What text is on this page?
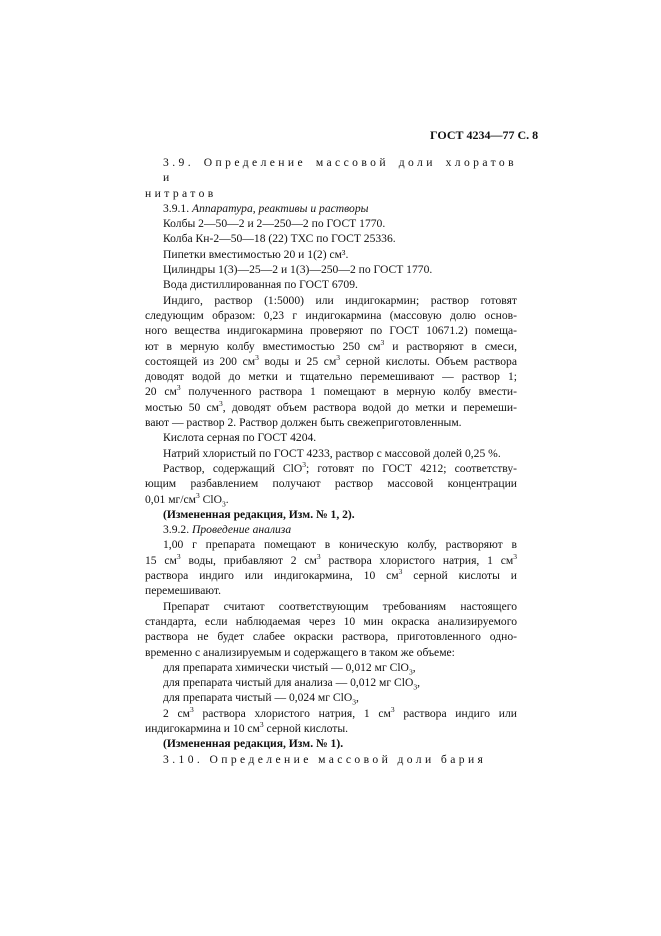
ГОСТ 4234—77 С. 8
3.9. Определение массовой доли хлоратов и
нитратов
3.9.1. Аппаратура, реактивы и растворы
Колбы 2—50—2 и 2—250—2 по ГОСТ 1770.
Колба Кн-2—50—18 (22) ТХС по ГОСТ 25336.
Пипетки вместимостью 20 и 1(2) см³.
Цилиндры 1(3)—25—2 и 1(3)—250—2 по ГОСТ 1770.
Вода дистиллированная по ГОСТ 6709.
Индиго, раствор (1:5000) или индигокармин; раствор готовят
следующим образом: 0,23 г индигокармина (массовую долю основ-
ного вещества индигокармина проверяют по ГОСТ 10671.2) помеща-
ют в мерную колбу вместимостью 250 $см^3$ и растворяют в смеси,
состоящей из 200 $см^3$ воды и 25 $см^3$ серной кислоты. Объем раствора
доводят водой до метки и тщательно перемешивают — раствор 1;
20 $см^3$ полученного раствора 1 помещают в мерную колбу вмести-
мостью 50 $см^3$, доводят объем раствора водой до метки и перемеши-
вают — раствор 2. Раствор должен быть свежеприготовленным.
Кислота серная по ГОСТ 4204.
Натрий хлористый по ГОСТ 4233, раствор с массовой долей 0,25 %.
Раствор, содержащий ClO$^3$; готовят по ГОСТ 4212; соответству-
ющим разбавлением получают раствор массовой концентрации
0,01 $мг/см^3$ ClO$_3$.
(Измененная редакция, Изм. № 1, 2).
3.9.2. Проведение анализа
1,00 г препарата помещают в коническую колбу, растворяют в
15 $см^3$ воды, прибавляют 2 $см^3$ раствора хлористого натрия, 1 $см^3$
раствора индиго или индигокармина, 10 $см^3$ серной кислоты и
перемешивают.
Препарат считают соответствующим требованиям настоящего
стандарта, если наблюдаемая через 10 мин окраска анализируемого
раствора не будет слабее окраски раствора, приготовленного одно-
временно с анализируемым и содержащего в таком же объеме:
для препарата химически чистый — 0,012 мг ClO$_3$,
для препарата чистый для анализа — 0,012 мг ClO$_3$,
для препарата чистый — 0,024 мг ClO$_3$,
2 $см^3$ раствора хлористого натрия, 1 $см^3$ раствора индиго или
индигокармина и 10 $см^3$ серной кислоты.
(Измененная редакция, Изм. № 1).
3.10. Определение массовой доли бария
